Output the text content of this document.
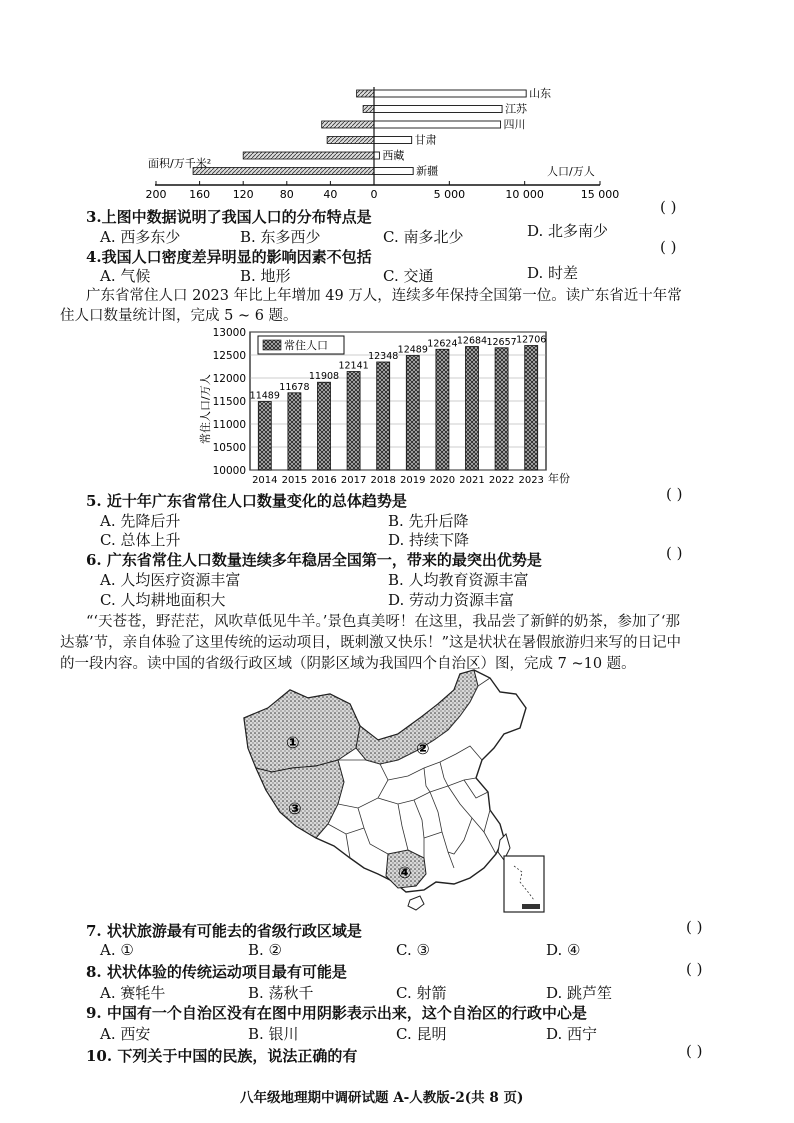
200 160 120 80	40	0	5 000	10 000	15 000
山东
江苏
四川
甘肃
西藏
新疆
面积/万千米²
人口/万人
3.上图中数据说明了我国人口的分布特点是
( )
A. 西多东少	B. 东多西少	C. 南多北少	D. 北多南少
4.我国人口密度差异明显的影响因素不包括
( )
A. 气候	B. 地形	C. 交通	D. 时差
广东省常住人口 2023 年比上年增加 49 万人，连续多年保持全国第一位。读广东省近十年常
住人口数量统计图，完成 5 ~ 6 题。
13000
12500
12000
11500
11000
10500
10000
11489
2014
11678
2015
11908
2016
12141
2017
12348
2018
12489
2019
12624
2020
12684
2021
12657
2022
12706
2023
常住人口
常住人口/万人
年份
5. 近十年广东省常住人口数量变化的总体趋势是	( )
A. 先降后升	B. 先升后降
C. 总体上升	D. 持续下降
6. 广东省常住人口数量连续多年稳居全国第一，带来的最突出优势是	( )
A. 人均医疗资源丰富	B. 人均教育资源丰富
C. 人均耕地面积大	D. 劳动力资源丰富
“‘天苍苍，野茫茫，风吹草低见牛羊。’景色真美呀！在这里，我品尝了新鲜的奶茶，参加了‘那
达慕’节，亲自体验了这里传统的运动项目，既刺激又快乐！”这是状状在暑假旅游归来写的日记中
的一段内容。读中国的省级行政区域（阴影区域为我国四个自治区）图，完成 7 ~10 题。
①	②
③
④
7. 状状旅游最有可能去的省级行政区域是	( )
A. ①	B. ②	C. ③	D. ④
8. 状状体验的传统运动项目最有可能是	( )
A. 赛牦牛	B. 荡秋千	C. 射箭	D. 跳芦笙
9. 中国有一个自治区没有在图中用阴影表示出来，这个自治区的行政中心是
A. 西安	B. 银川	C. 昆明	D. 西宁
10. 下列关于中国的民族，说法正确的有	( )
八年级地理期中调研试题 A-人教版-2(共 8 页)
